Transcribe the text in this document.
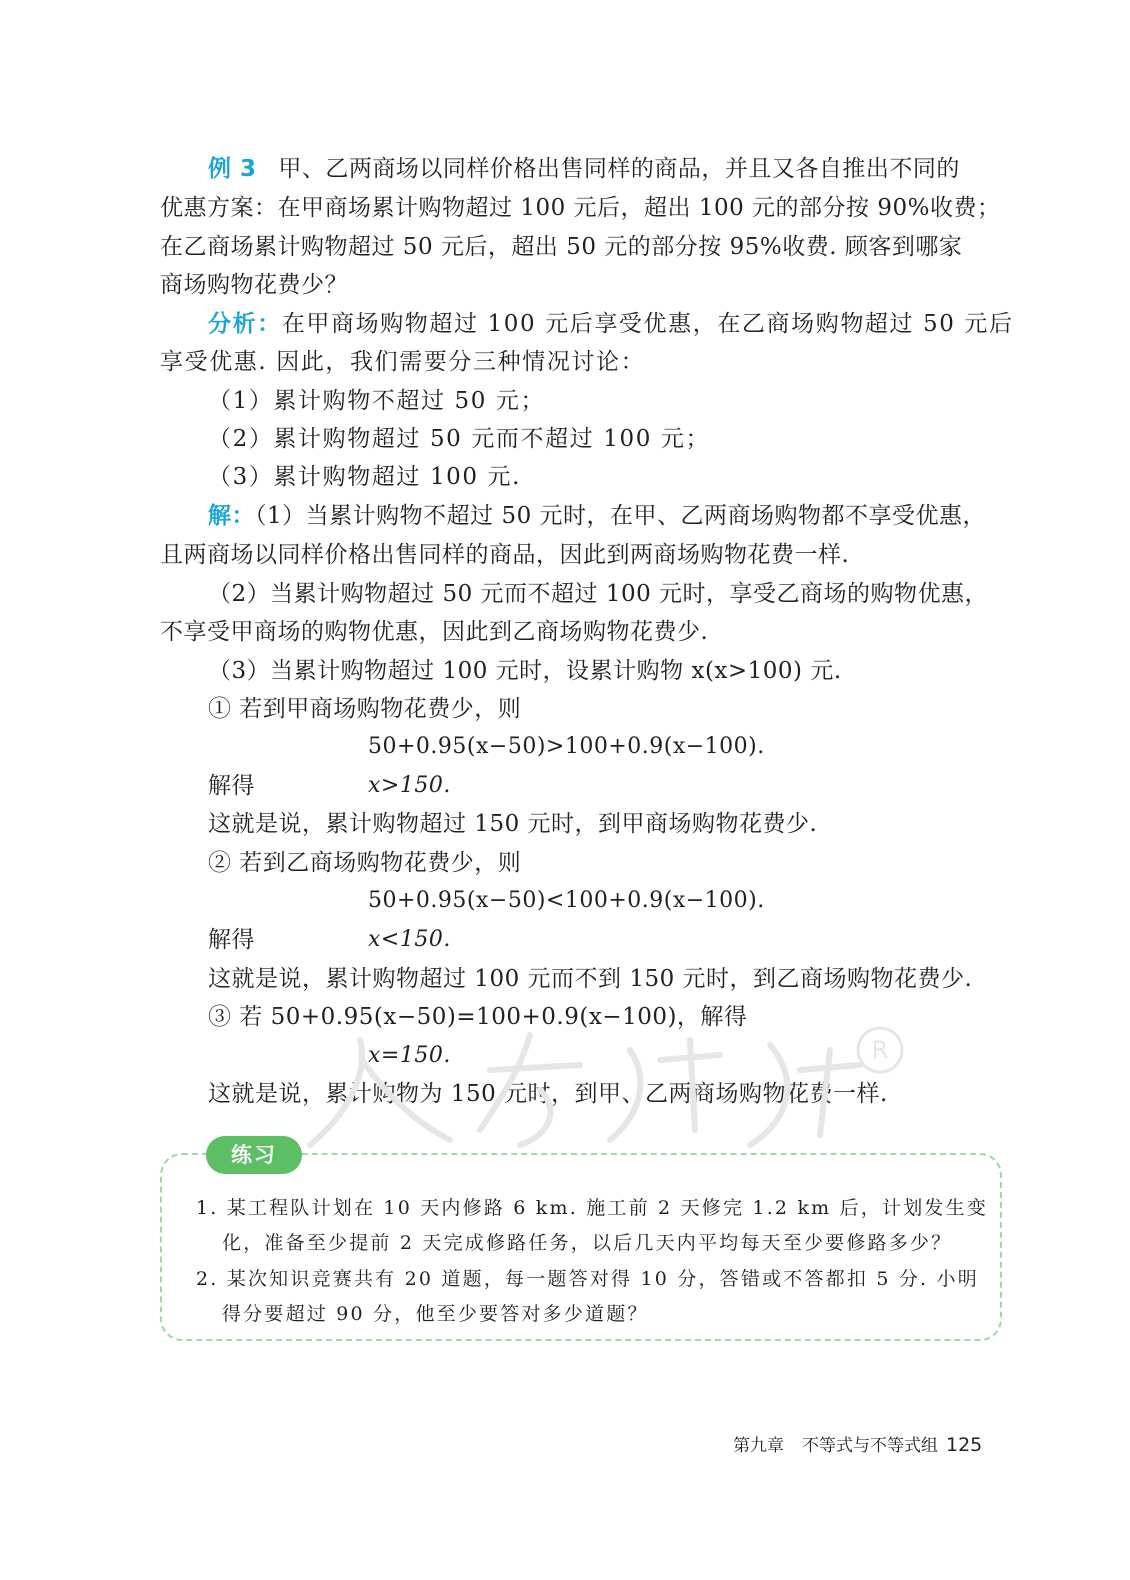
例 3 甲、乙两商场以同样价格出售同样的商品，并且又各自推出不同的
优惠方案：在甲商场累计购物超过 100 元后，超出 100 元的部分按 90%收费；
在乙商场累计购物超过 50 元后，超出 50 元的部分按 95%收费. 顾客到哪家
商场购物花费少？
分析：在甲商场购物超过 100 元后享受优惠，在乙商场购物超过 50 元后
享受优惠. 因此，我们需要分三种情况讨论：
（1）累计购物不超过 50 元；
（2）累计购物超过 50 元而不超过 100 元；
（3）累计购物超过 100 元.
解：（1）当累计购物不超过 50 元时，在甲、乙两商场购物都不享受优惠，
且两商场以同样价格出售同样的商品，因此到两商场购物花费一样.
（2）当累计购物超过 50 元而不超过 100 元时，享受乙商场的购物优惠，
不享受甲商场的购物优惠，因此到乙商场购物花费少.
（3）当累计购物超过 100 元时，设累计购物 x(x>100) 元.
① 若到甲商场购物花费少，则
50+0.95(x−50)>100+0.9(x−100).
解得	x>150.
这就是说，累计购物超过 150 元时，到甲商场购物花费少.
② 若到乙商场购物花费少，则
50+0.95(x−50)<100+0.9(x−100).
解得	x<150.
这就是说，累计购物超过 100 元而不到 150 元时，到乙商场购物花费少.
③ 若 50+0.95(x−50)=100+0.9(x−100)，解得
x=150.
这就是说，累计购物为 150 元时，到甲、乙两商场购物花费一样.
R
练习
1. 某工程队计划在 10 天内修路 6 km. 施工前 2 天修完 1.2 km 后，计划发生变
化，准备至少提前 2 天完成修路任务，以后几天内平均每天至少要修路多少？
2. 某次知识竞赛共有 20 道题，每一题答对得 10 分，答错或不答都扣 5 分. 小明
得分要超过 90 分，他至少要答对多少道题？
第九章 不等式与不等式组 125
